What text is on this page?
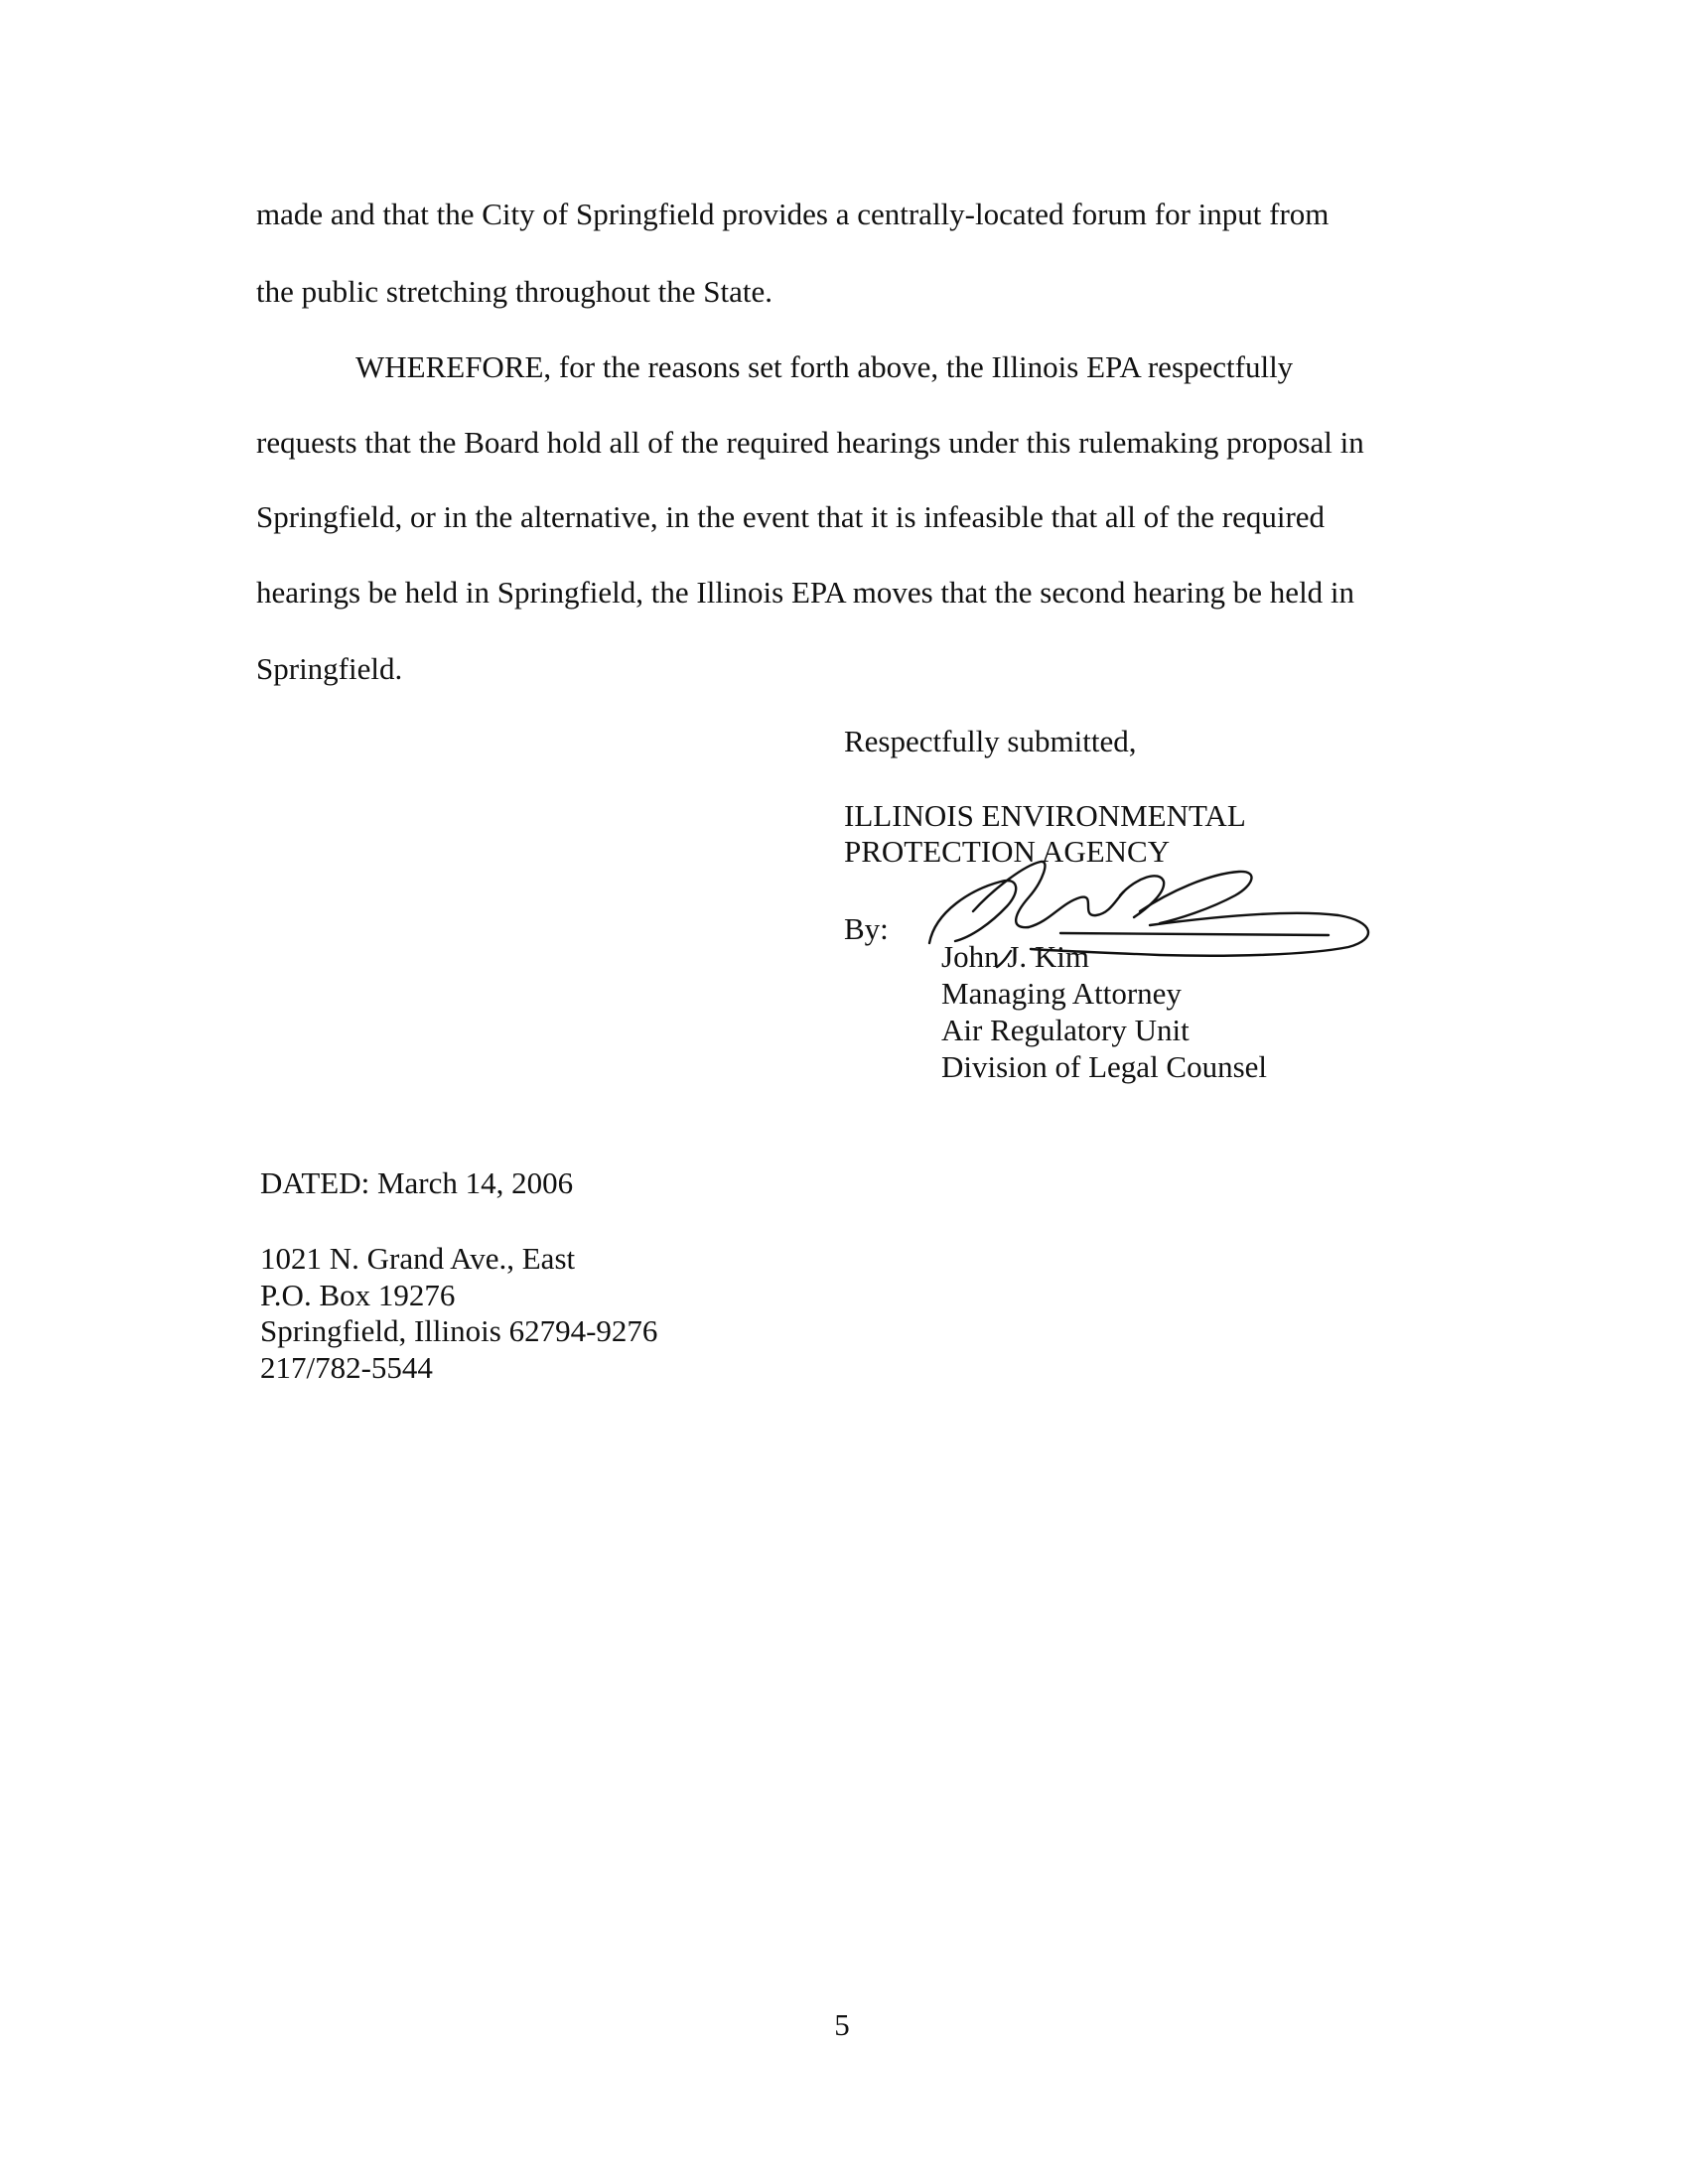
made and that the City of Springfield provides a centrally-located forum for input from
the public stretching throughout the State.
WHEREFORE, for the reasons set forth above, the Illinois EPA respectfully
requests that the Board hold all of the required hearings under this rulemaking proposal in
Springfield, or in the alternative, in the event that it is infeasible that all of the required
hearings be held in Springfield, the Illinois EPA moves that the second hearing be held in
Springfield.
Respectfully submitted,
ILLINOIS ENVIRONMENTAL
PROTECTION AGENCY
By:
John J. Kim
Managing Attorney
Air Regulatory Unit
Division of Legal Counsel
DATED: March 14, 2006
1021 N. Grand Ave., East
P.O. Box 19276
Springfield, Illinois 62794-9276
217/782-5544
5
